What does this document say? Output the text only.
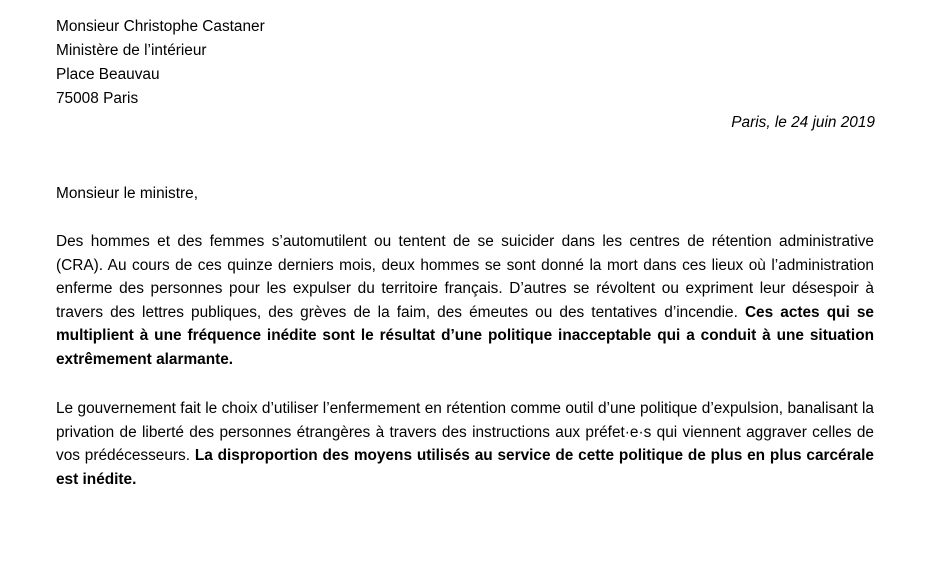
Monsieur Christophe Castaner
Ministère de l’intérieur
Place Beauvau
75008 Paris
Paris, le 24 juin 2019
Monsieur le ministre,

Des hommes et des femmes s’automutilent ou tentent de se suicider dans les centres de rétention administrative (CRA). Au cours de ces quinze derniers mois, deux hommes se sont donné la mort dans ces lieux où l’administration enferme des personnes pour les expulser du territoire français. D’autres se révoltent ou expriment leur désespoir à travers des lettres publiques, des grèves de la faim, des émeutes ou des tentatives d’incendie. Ces actes qui se multiplient à une fréquence inédite sont le résultat d’une politique inacceptable qui a conduit à une situation extrêmement alarmante.

Le gouvernement fait le choix d’utiliser l’enfermement en rétention comme outil d’une politique d’expulsion, banalisant la privation de liberté des personnes étrangères à travers des instructions aux préfet·e·s qui viennent aggraver celles de vos prédécesseurs. La disproportion des moyens utilisés au service de cette politique de plus en plus carcérale est inédite.
